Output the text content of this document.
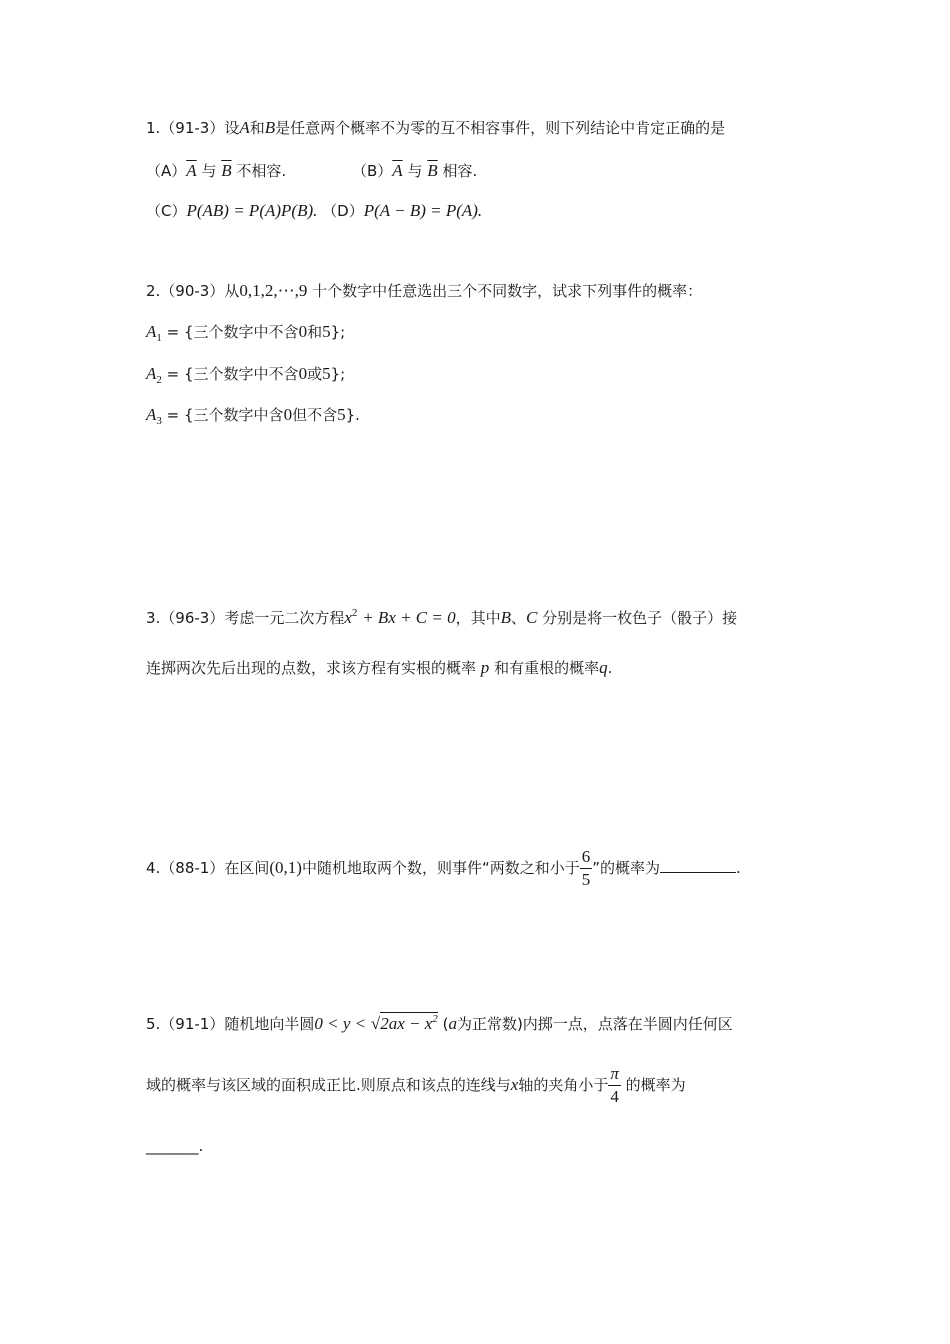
1.（91-3）设A和B是任意两个概率不为零的互不相容事件，则下列结论中肯定正确的是
$(A)\overline{A}$ 与 $\overline{B}$ 不相容.	$(B)\overline{A}$ 与 $\overline{B}$ 相容.
（C）P(AB) = P(A)P(B). （D）P(A − B) = P(A).
2.（90-3）从0,1,2,⋯,9 十个数字中任意选出三个不同数字，试求下列事件的概率：
$A_1$ = {三个数字中不含0和5};
$A_2$ = {三个数字中不含0或5};
$A_3$ = {三个数字中含0但不含5}.
3.（96-3）考虑一元二次方程$x^2 + Bx + C = 0$，其中B、C 分别是将一枚色子（骰子）接
连掷两次先后出现的点数，求该方程有实根的概率 p 和有重根的概率q.
4.（88-1）在区间(0,1)中随机地取两个数，则事件“两数之和小于 $\frac{6}{5}$ ”的概率为	.
5.（91-1）随机地向半圆$0 < y < √2ax - x^2$ (a为正常数)内掷一点，点落在半圆内任何区
域的概率与该区域的面积成正比.则原点和该点的连线与x轴的夹角小于 $\frac{\pi}{4}$ 的概率为
_______.
